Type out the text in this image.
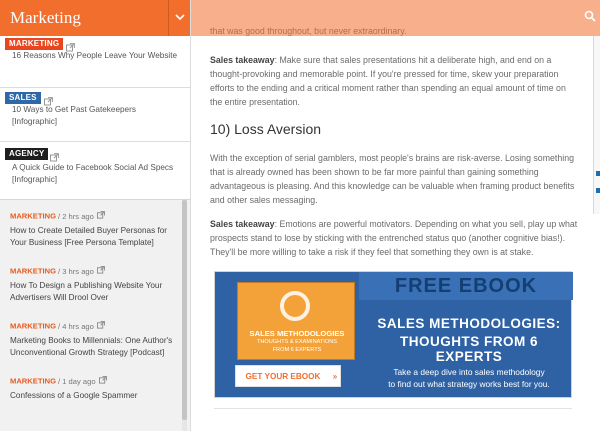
Sales takeaway: Make sure that sales presentations hit a deliberate high, and end on a thought-provoking and memorable point. If you're pressed for time, skew your preparation efforts to the ending and a critical moment rather than spending an equal amount of time on the entire presentation.
10) Loss Aversion
With the exception of serial gamblers, most people's brains are risk-averse. Losing something that is already owned has been shown to be far more painful than gaining something advantageous is pleasing. And this knowledge can be valuable when framing product benefits and other sales messaging.
Sales takeaway: Emotions are powerful motivators. Depending on what you sell, play up what prospects stand to lose by sticking with the entrenched status quo (another cognitive bias!). They'll be more willing to take a risk if they feel that something they own is at stake.
FREE EBOOK
SALES METHODOLOGIES
THOUGHTS & EXAMINATIONS
FROM 6 EXPERTS
SALES METHODOLOGIES:
THOUGHTS FROM 6 EXPERTS
Take a deep dive into sales methodology
to find out what strategy works best for you.
GET YOUR EBOOK	»
Marketing
MARKETING
16 Reasons Why People Leave Your Website
SALES
10 Ways to Get Past Gatekeepers [Infographic]
AGENCY
A Quick Guide to Facebook Social Ad Specs [Infographic]
MARKETING / 2 hrs ago
How to Create Detailed Buyer Personas for Your Business [Free Persona Template]
MARKETING / 3 hrs ago
How To Design a Publishing Website Your Advertisers Will Drool Over
MARKETING / 4 hrs ago
Marketing Books to Millennials: One Author's Unconventional Growth Strategy [Podcast]
MARKETING / 1 day ago
Confessions of a Google Spammer
